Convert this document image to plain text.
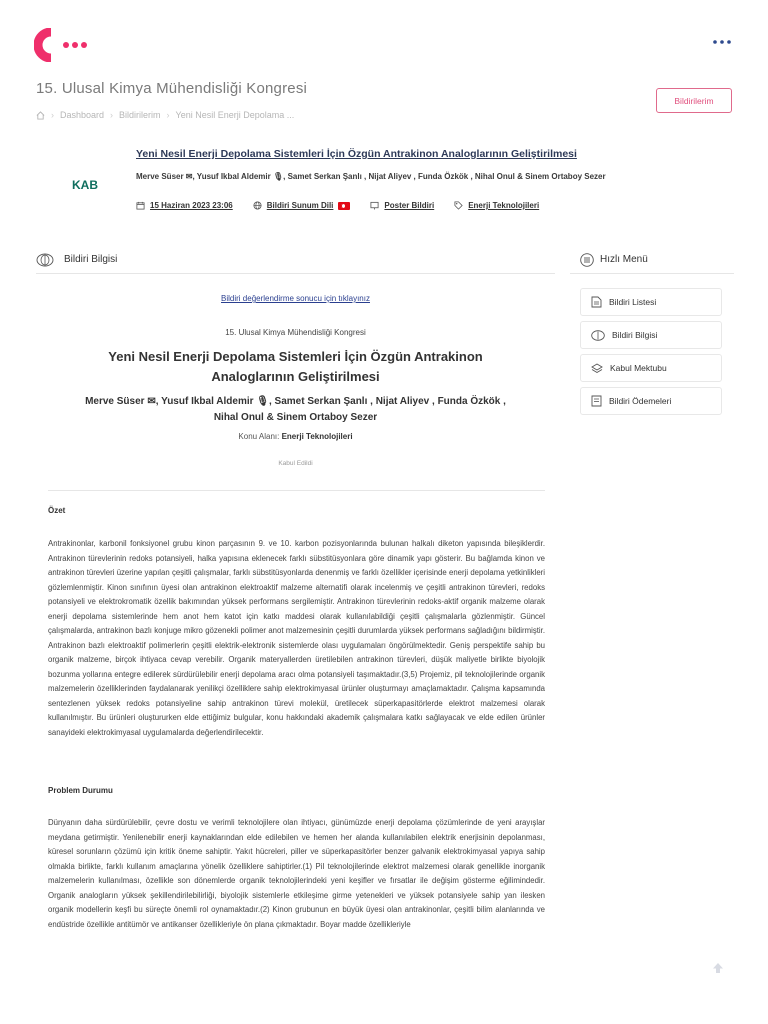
15. Ulusal Kimya Mühendisliği Kongresi
› Dashboard › Bildirilerim › Yeni Nesil Enerji Depolama ...
Bildirilerim
KAB
Yeni Nesil Enerji Depolama Sistemleri İçin Özgün Antrakinon Analoglarının Geliştirilmesi
Merve Süser ✉, Yusuf Ikbal Aldemir 🎙, Samet Serkan Şanlı , Nijat Aliyev , Funda Özkök , Nihal Onul & Sinem Ortaboy Sezer
15 Haziran 2023 23:06	Bildiri Sunum Dili	Poster Bildiri	Enerji Teknolojileri
Bildiri Bilgisi	Hızlı Menü
Bildiri Listesi
Bildiri Bilgisi
Kabul Mektubu
Bildiri Ödemeleri
Bildiri değerlendirme sonucu için tıklayınız
15. Ulusal Kimya Mühendisliği Kongresi
Yeni Nesil Enerji Depolama Sistemleri İçin Özgün Antrakinon Analoglarının Geliştirilmesi
Merve Süser ✉, Yusuf Ikbal Aldemir 🎙, Samet Serkan Şanlı , Nijat Aliyev , Funda Özkök , Nihal Onul & Sinem Ortaboy Sezer
Konu Alanı: Enerji Teknolojileri
Kabul Edildi
Özet

Antrakinonlar, karbonil fonksiyonel grubu kinon parçasının 9. ve 10. karbon pozisyonlarında bulunan halkalı diketon yapısında bileşiklerdir. Antrakinon türevlerinin redoks potansiyeli, halka yapısına eklenecek farklı sübstitüsyonlara göre dinamik yapı gösterir. Bu bağlamda kinon ve antrakinon türevleri üzerine yapılan çeşitli çalışmalar, farklı sübstitüsyonlarda denenmiş ve farklı özellikler içerisinde enerji depolama yetkinlikleri gözlemlenmiştir. Kinon sınıfının üyesi olan antrakinon elektroaktif malzeme alternatifi olarak incelenmiş ve çeşitli antrakinon türevleri, redoks potansiyeli ve elektrokromatik özellik bakımından yüksek performans sergilemiştir. Antrakinon türevlerinin redoks-aktif organik malzeme olarak enerji depolama sistemlerinde hem anot hem katot için katkı maddesi olarak kullanılabildiği çeşitli çalışmalarla gözlenmiştir. Güncel çalışmalarda, antrakinon bazlı konjuge mikro gözenekli polimer anot malzemesinin çeşitli durumlarda yüksek performans sağladığını bildirmiştir. Antrakinon bazlı elektroaktif polimerlerin çeşitli elektrik-elektronik sistemlerde olası uygulamaları öngörülmektedir. Geniş perspektife sahip bu organik malzeme, birçok ihtiyaca cevap verebilir. Organik materyallerden üretilebilen antrakinon türevleri, düşük maliyetle birlikte biyolojik bozunma yollarına entegre edilerek sürdürülebilir enerji depolama aracı olma potansiyeli taşımaktadır.(3,5) Projemiz, pil teknolojilerinde organik malzemelerin özelliklerinden faydalanarak yenilikçi özelliklere sahip elektrokimyasal ürünler oluşturmayı amaçlamaktadır. Çalışma kapsamında sentezlenen yüksek redoks potansiyeline sahip antrakinon türevi molekül, üretilecek süperkapasitörlerde elektrot malzemesi olarak kullanılmıştır. Bu ürünleri oluştururken elde ettiğimiz bulgular, konu hakkındaki akademik çalışmalara katkı sağlayacak ve elde edilen ürünler sanayideki elektrokimyasal uygulamalarda değerlendirilecektir.

Problem Durumu

Dünyanın daha sürdürülebilir, çevre dostu ve verimli teknolojilere olan ihtiyacı, günümüzde enerji depolama çözümlerinde de yeni arayışlar meydana getirmiştir. Yenilenebilir enerji kaynaklarından elde edilebilen ve hemen her alanda kullanılabilen elektrik enerjisinin depolanması, küresel sorunların çözümü için kritik öneme sahiptir. Yakıt hücreleri, piller ve süperkapasitörler benzer galvanik elektrokimyasal yapıya sahip olmakla birlikte, farklı kullanım amaçlarına yönelik özelliklere sahiptirler.(1) Pil teknolojilerinde elektrot malzemesi olarak genellikle inorganik malzemelerin kullanılması, özellikle son dönemlerde organik teknolojilerindeki yeni keşifler ve fırsatlar ile değişim gösterme eğilimindedir. Organik analogların yüksek şekillendirilebilirliği, biyolojik sistemlerle etkileşime girme yetenekleri ve yüksek potansiyele sahip yan ilesken organik modellerin keşfi bu süreçte önemli rol oynamaktadır.(2) Kinon grubunun en büyük üyesi olan antrakinonlar, çeşitli bilim alanlarında ve endüstride özellikle antitümör ve antikanser özellikleriyle ön plana çıkmaktadır. Boyar madde özellikleriyle
